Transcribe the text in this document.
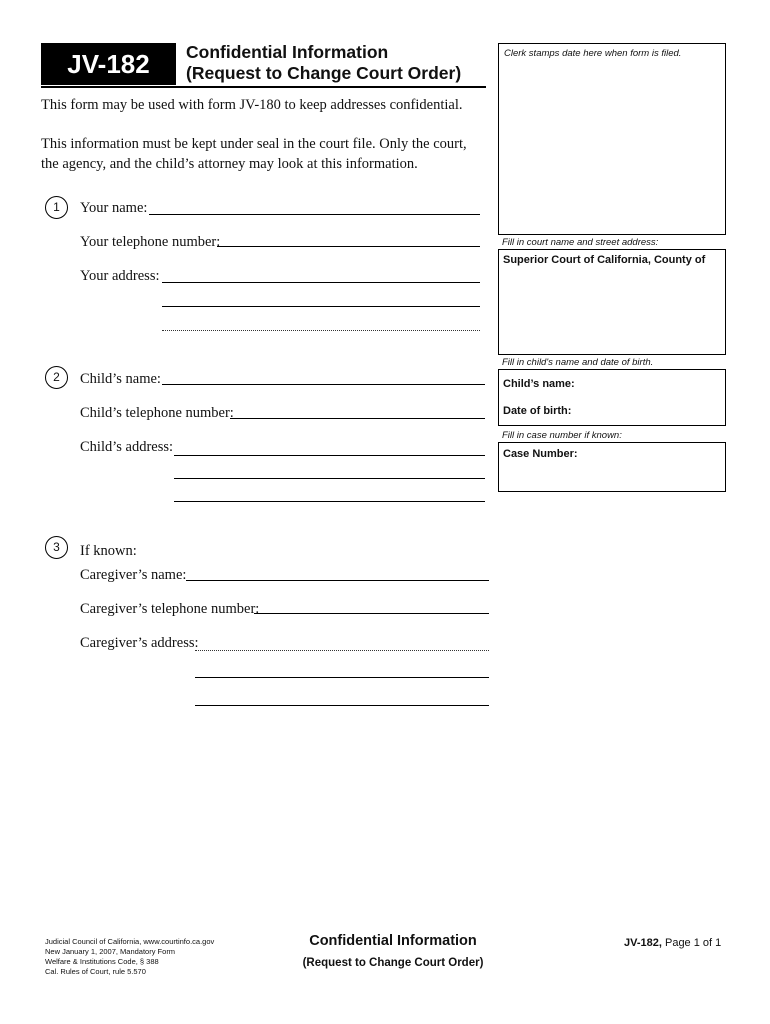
JV-182	Confidential Information
(Request to Change Court Order)
This form may be used with form JV-180 to keep addresses confidential.
This information must be kept under seal in the court file. Only the court, the agency, and the child’s attorney may look at this information.
1	Your name:
Your telephone number:
Your address:
2	Child’s name:
Child’s telephone number:
Child’s address:
3	If known:
Caregiver’s name:
Caregiver’s telephone number:
Caregiver’s address:
Clerk stamps date here when form is filed.
Fill in court name and street address:
Superior Court of California, County of
Fill in child's name and date of birth.
Child’s name:
Date of birth:
Fill in case number if known:
Case Number:
Judicial Council of California, www.courtinfo.ca.gov
New January 1, 2007, Mandatory Form
Welfare & Institutions Code, § 388
Cal. Rules of Court, rule 5.570
Confidential Information
(Request to Change Court Order)
JV-182, Page 1 of 1
